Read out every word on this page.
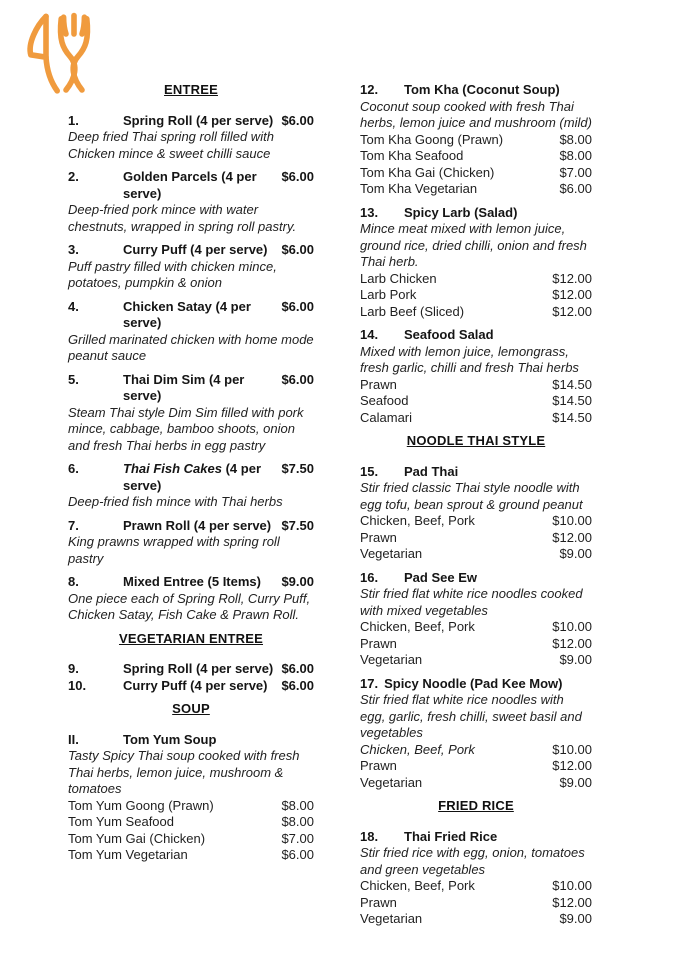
ENTREE
1.	Spring Roll (4 per serve) $6.00
Deep fried Thai spring roll filled with Chicken mince & sweet chilli sauce
2.	Golden Parcels (4 per serve)
$6.00
Deep-fried pork mince with water chestnuts, wrapped in spring roll pastry.
3.	Curry Puff (4 per serve)	$6.00
Puff pastry filled with chicken mince, potatoes, pumpkin & onion
4.	Chicken Satay (4 per serve)
$6.00
Grilled marinated chicken with home mode peanut sauce
5.	Thai Dim Sim (4 per serve)
$6.00
Steam Thai style Dim Sim filled with pork mince, cabbage, bamboo shoots, onion and fresh Thai herbs in egg pastry
6.	Thai Fish Cakes (4 per serve)
$7.50
Deep-fried fish mince with Thai herbs
7.	Prawn Roll (4 per serve) $7.50
King prawns wrapped with spring roll pastry
8.	Mixed Entree (5 Items)	$9.00
One piece each of Spring Roll, Curry Puff, Chicken Satay, Fish Cake & Prawn Roll.
VEGETARIAN ENTREE
9.	Spring Roll (4 per serve) $6.00
10.	Curry Puff (4 per serve)	$6.00
SOUP
II.	Tom Yum Soup
Tasty Spicy Thai soup cooked with fresh Thai herbs, lemon juice, mushroom & tomatoes
Tom Yum Goong (Prawn)	$8.00
Tom Yum Seafood	$8.00
Tom Yum Gai (Chicken)	$7.00
Tom Yum Vegetarian	$6.00
12.	Tom Kha (Coconut Soup)
Coconut soup cooked with fresh Thai herbs, lemon juice and mushroom (mild)
Tom Kha Goong (Prawn)	$8.00
Tom Kha Seafood	$8.00
Tom Kha Gai (Chicken)	$7.00
Tom Kha Vegetarian	$6.00
13.	Spicy Larb (Salad)
Mince meat mixed with lemon juice, ground rice, dried chilli, onion and fresh Thai herb.
Larb Chicken	$12.00
Larb Pork	$12.00
Larb Beef (Sliced)	$12.00
14.	Seafood Salad
Mixed with lemon juice, lemongrass, fresh garlic, chilli and fresh Thai herbs
Prawn	$14.50
Seafood	$14.50
Calamari	$14.50
NOODLE THAI STYLE
15.	Pad Thai
Stir fried classic Thai style noodle with egg tofu, bean sprout & ground peanut
Chicken, Beef, Pork	$10.00
Prawn	$12.00
Vegetarian	$9.00
16.	Pad See Ew
Stir fried flat white rice noodles cooked with mixed vegetables
Chicken, Beef, Pork	$10.00
Prawn	$12.00
Vegetarian	$9.00
17. Spicy Noodle (Pad Kee Mow)
Stir fried flat white rice noodles with egg, garlic, fresh chilli, sweet basil and vegetables
Chicken, Beef, Pork	$10.00
Prawn	$12.00
Vegetarian	$9.00
FRIED RICE
18.	Thai Fried Rice
Stir fried rice with egg, onion, tomatoes and green vegetables
Chicken, Beef, Pork	$10.00
Prawn	$12.00
Vegetarian	$9.00
